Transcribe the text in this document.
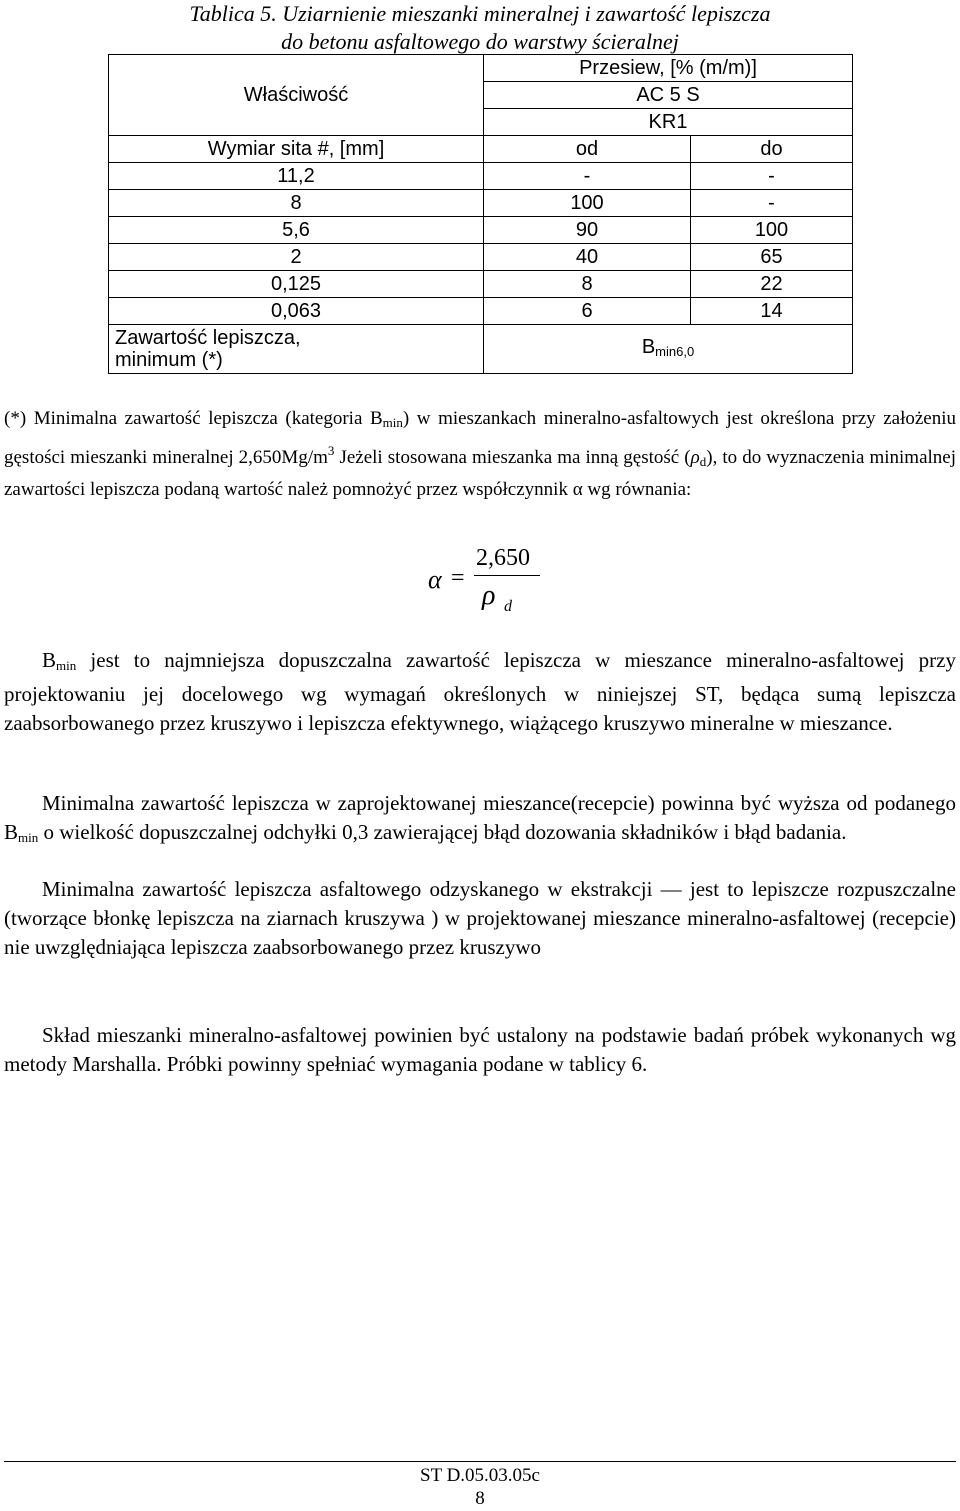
Tablica 5. Uziarnienie mieszanki mineralnej i zawartość lepiszcza
do betonu asfaltowego do warstwy ścieralnej
Właściwość	Przesiew, [% (m/m)]	
	AC 5 S	
	KR1	
Wymiar sita #, [mm]	od	do
11,2	-	-
8	100	-
5,6	90	100
2	40	65
0,125	8	22
0,063	6	14

Zawartość lepiszcza,
minimum (*)	$B_{min6,0}$
(*) Minimalna zawartość lepiszcza (kategoria $B_{min}$) w mieszankach mineralno-asfaltowych jest określona przy założeniu gęstości mieszanki mineralnej $2,650Mg/m^3$ Jeżeli stosowana mieszanka ma inną gęstość $(\rho_d)$, to do wyznaczenia minimalnej zawartości lepiszcza podaną wartość należ pomnożyć przez współczynnik α wg równania:
α =
2,650
ρ d
$B_{min}$ jest to najmniejsza dopuszczalna zawartość lepiszcza w mieszance mineralno-asfaltowej przy projektowaniu jej docelowego wg wymagań określonych w niniejszej ST, będąca sumą lepiszcza zaabsorbowanego przez kruszywo i lepiszcza efektywnego, wiążącego kruszywo mineralne w mieszance.
Minimalna zawartość lepiszcza w zaprojektowanej mieszance(recepcie) powinna być wyższa od podanego $B_{min}$ o wielkość dopuszczalnej odchyłki 0,3 zawierającej błąd dozowania składników i błąd badania.
Minimalna zawartość lepiszcza asfaltowego odzyskanego w ekstrakcji — jest to lepiszcze rozpuszczalne (tworzące błonkę lepiszcza na ziarnach kruszywa ) w projektowanej mieszance mineralno-asfaltowej (recepcie) nie uwzględniająca lepiszcza zaabsorbowanego przez kruszywo
Skład mieszanki mineralno-asfaltowej powinien być ustalony na podstawie badań próbek wykonanych wg metody Marshalla. Próbki powinny spełniać wymagania podane w tablicy 6.
ST D.05.03.05c
8
